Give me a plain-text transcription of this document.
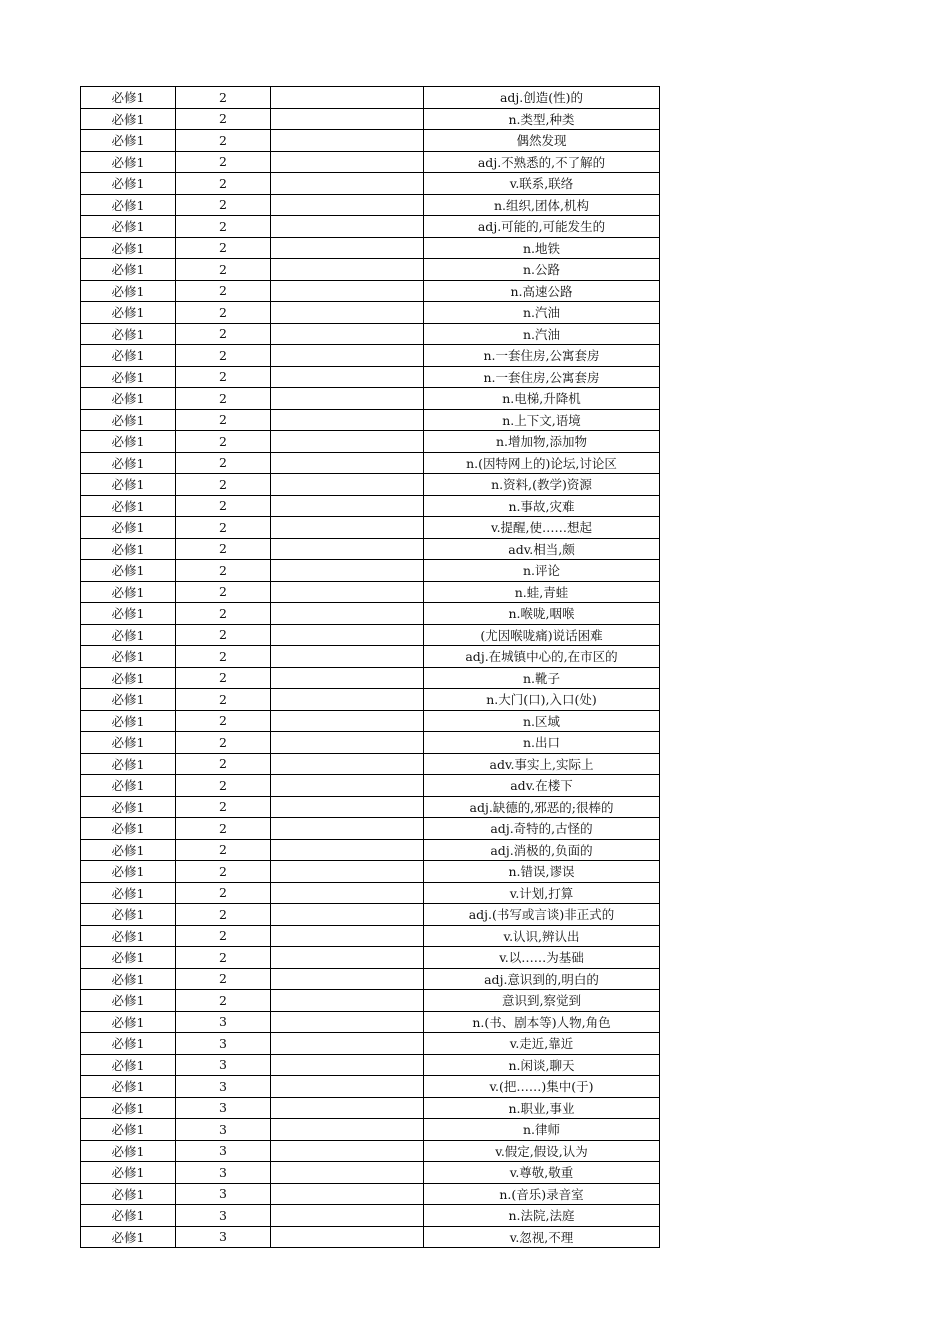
必修1	2		adj.创造(性)的
必修1	2		n.类型,种类
必修1	2		偶然发现
必修1	2		adj.不熟悉的,不了解的
必修1	2		v.联系,联络
必修1	2		n.组织,团体,机构
必修1	2		adj.可能的,可能发生的
必修1	2		n.地铁
必修1	2		n.公路
必修1	2		n.高速公路
必修1	2		n.汽油
必修1	2		n.汽油
必修1	2		n.一套住房,公寓套房
必修1	2		n.一套住房,公寓套房
必修1	2		n.电梯,升降机
必修1	2		n.上下文,语境
必修1	2		n.增加物,添加物
必修1	2		n.(因特网上的)论坛,讨论区
必修1	2		n.资料,(教学)资源
必修1	2		n.事故,灾难
必修1	2		v.提醒,使……想起
必修1	2		adv.相当,颇
必修1	2		n.评论
必修1	2		n.蛙,青蛙
必修1	2		n.喉咙,咽喉
必修1	2		(尤因喉咙痛)说话困难
必修1	2		adj.在城镇中心的,在市区的
必修1	2		n.靴子
必修1	2		n.大门(口),入口(处)
必修1	2		n.区域
必修1	2		n.出口
必修1	2		adv.事实上,实际上
必修1	2		adv.在楼下
必修1	2		adj.缺德的,邪恶的;很棒的
必修1	2		adj.奇特的,古怪的
必修1	2		adj.消极的,负面的
必修1	2		n.错误,谬误
必修1	2		v.计划,打算
必修1	2		adj.(书写或言谈)非正式的
必修1	2		v.认识,辨认出
必修1	2		v.以……为基础
必修1	2		adj.意识到的,明白的
必修1	2		意识到,察觉到
必修1	3		n.(书、剧本等)人物,角色
必修1	3		v.走近,靠近
必修1	3		n.闲谈,聊天
必修1	3		v.(把……)集中(于)
必修1	3		n.职业,事业
必修1	3		n.律师
必修1	3		v.假定,假设,认为
必修1	3		v.尊敬,敬重
必修1	3		n.(音乐)录音室
必修1	3		n.法院,法庭
必修1	3		v.忽视,不理
